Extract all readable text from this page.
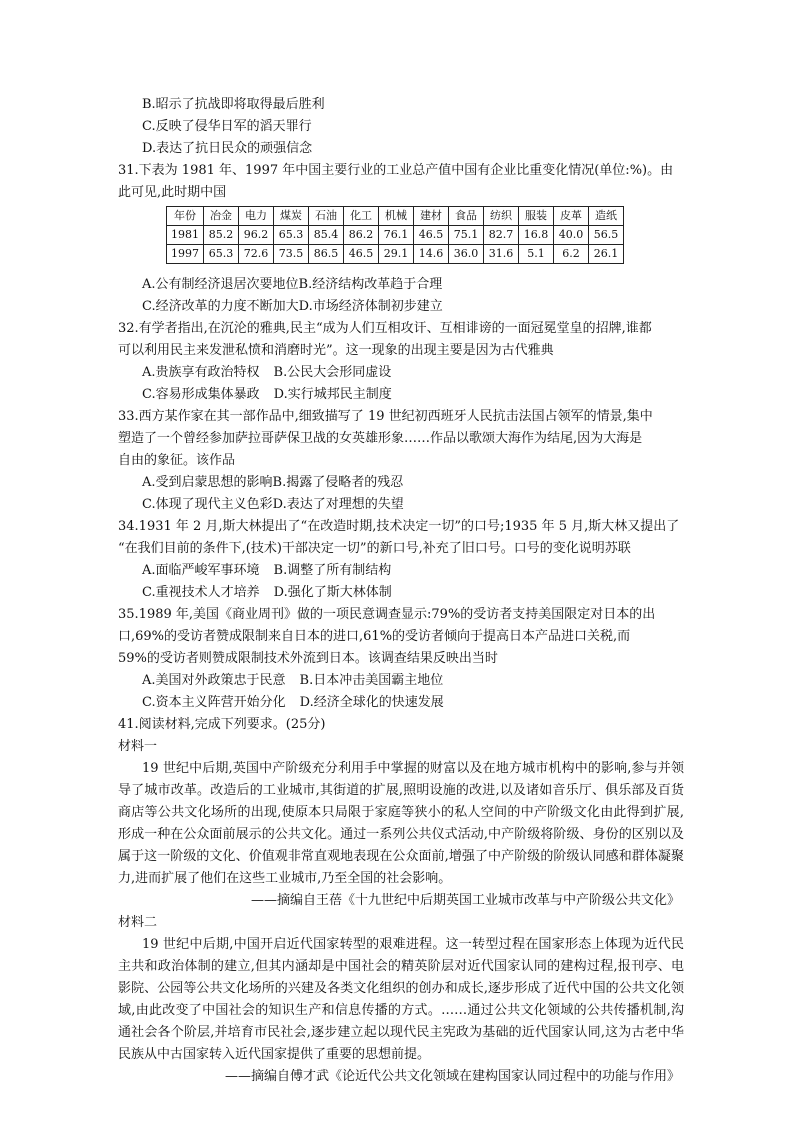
B.昭示了抗战即将取得最后胜利
C.反映了侵华日军的滔天罪行
D.表达了抗日民众的顽强信念
31.下表为 1981 年、1997 年中国主要行业的工业总产值中国有企业比重变化情况(单位:%)。由
此可见,此时期中国
年份	冶金	电力	煤炭	石油	化工	机械	建材	食品	纺织	服装	皮革	造纸
1981	85.2	96.2	65.3	85.4	86.2	76.1	46.5	75.1	82.7	16.8	40.0	56.5
1997	65.3	72.6	73.5	86.5	46.5	29.1	14.6	36.0	31.6	5.1	6.2	26.1
A.公有制经济退居次要地位B.经济结构改革趋于合理
C.经济改革的力度不断加大D.市场经济体制初步建立
32.有学者指出,在沉沦的雅典,民主“成为人们互相攻讦、互相诽谤的一面冠冕堂皇的招牌,谁都
可以利用民主来发泄私愤和消磨时光”。这一现象的出现主要是因为古代雅典
A.贵族享有政治特权 B.公民大会形同虚设
C.容易形成集体暴政 D.实行城邦民主制度
33.西方某作家在其一部作品中,细致描写了 19 世纪初西班牙人民抗击法国占领军的情景,集中
塑造了一个曾经参加萨拉哥萨保卫战的女英雄形象……作品以歌颂大海作为结尾,因为大海是
自由的象征。该作品
A.受到启蒙思想的影响B.揭露了侵略者的残忍
C.体现了现代主义色彩D.表达了对理想的失望
34.1931 年 2 月,斯大林提出了“在改造时期,技术决定一切”的口号;1935 年 5 月,斯大林又提出了
“在我们目前的条件下,(技术)干部决定一切”的新口号,补充了旧口号。口号的变化说明苏联
A.面临严峻军事环境 B.调整了所有制结构
C.重视技术人才培养 D.强化了斯大林体制
35.1989 年,美国《商业周刊》做的一项民意调查显示:79%的受访者支持美国限定对日本的出
口,69%的受访者赞成限制来自日本的进口,61%的受访者倾向于提高日本产品进口关税,而
59%的受访者则赞成限制技术外流到日本。该调查结果反映出当时
A.美国对外政策忠于民意 B.日本冲击美国霸主地位
C.资本主义阵营开始分化 D.经济全球化的快速发展
41.阅读材料,完成下列要求。(25分)
材料一
19 世纪中后期,英国中产阶级充分利用手中掌握的财富以及在地方城市机构中的影响,参与并领导了城市改革。改造后的工业城市,其街道的扩展,照明设施的改进,以及诸如音乐厅、俱乐部及百货商店等公共文化场所的出现,使原本只局限于家庭等狭小的私人空间的中产阶级文化由此得到扩展,形成一种在公众面前展示的公共文化。通过一系列公共仪式活动,中产阶级将阶级、身份的区别以及属于这一阶级的文化、价值观非常直观地表现在公众面前,增强了中产阶级的阶级认同感和群体凝聚力,进而扩展了他们在这些工业城市,乃至全国的社会影响。
——摘编自王蓓《十九世纪中后期英国工业城市改革与中产阶级公共文化》
材料二
19 世纪中后期,中国开启近代国家转型的艰难进程。这一转型过程在国家形态上体现为近代民主共和政治体制的建立,但其内涵却是中国社会的精英阶层对近代国家认同的建构过程,报刊亭、电影院、公园等公共文化场所的兴建及各类文化组织的创办和成长,逐步形成了近代中国的公共文化领域,由此改变了中国社会的知识生产和信息传播的方式。……通过公共文化领域的公共传播机制,沟通社会各个阶层,并培育市民社会,逐步建立起以现代民主宪政为基础的近代国家认同,这为古老中华民族从中古国家转入近代国家提供了重要的思想前提。
——摘编自傅才武《论近代公共文化领域在建构国家认同过程中的功能与作用》
